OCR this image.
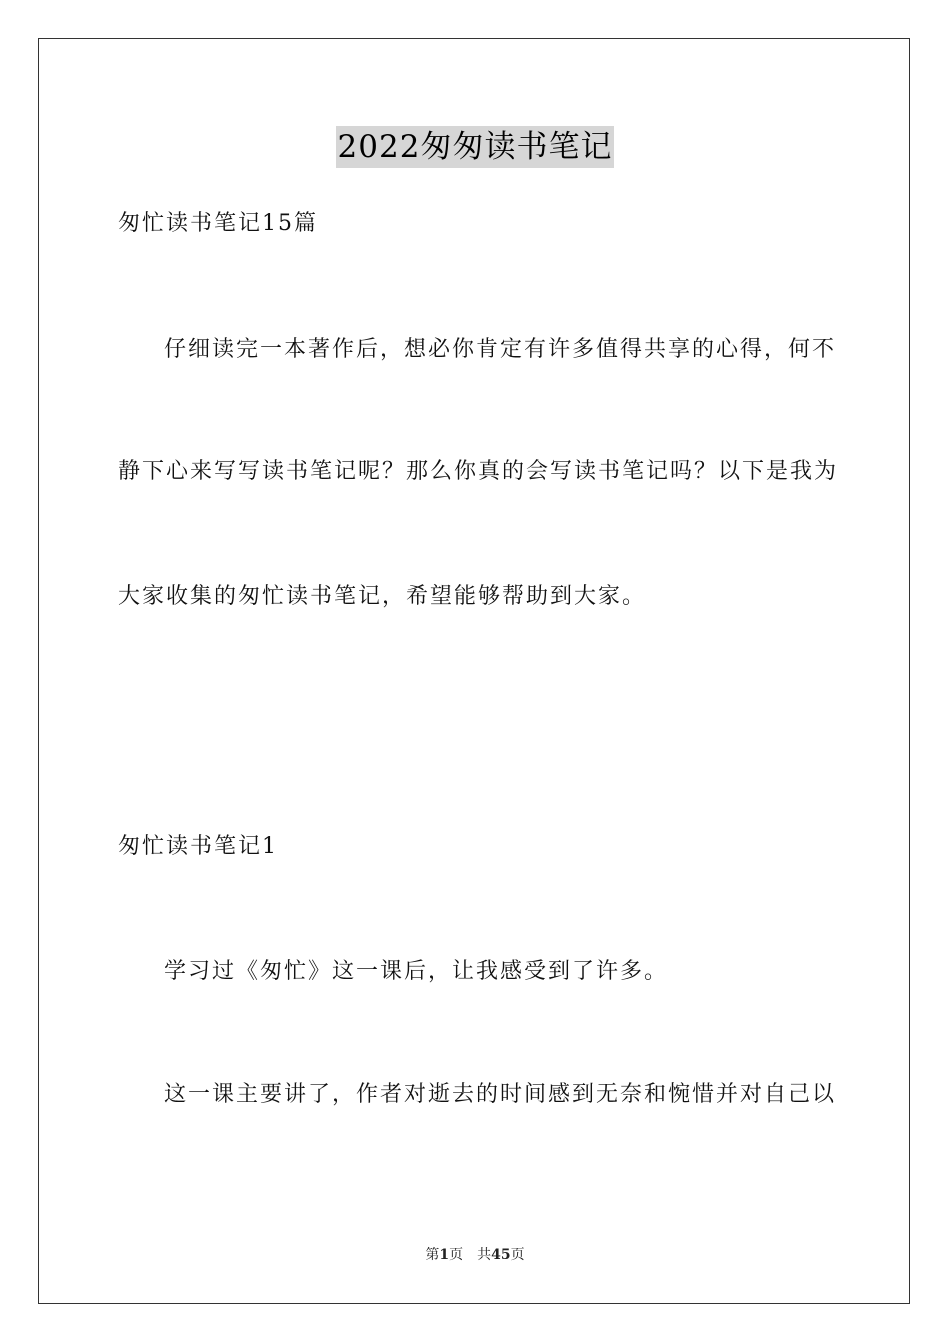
2022匆匆读书笔记
匆忙读书笔记15篇
仔细读完一本著作后，想必你肯定有许多值得共享的心得，何不
静下心来写写读书笔记呢？那么你真的会写读书笔记吗？以下是我为
大家收集的匆忙读书笔记，希望能够帮助到大家。
匆忙读书笔记1
学习过《匆忙》这一课后，让我感受到了许多。
这一课主要讲了，作者对逝去的时间感到无奈和惋惜并对自己以
第1页 共45页
